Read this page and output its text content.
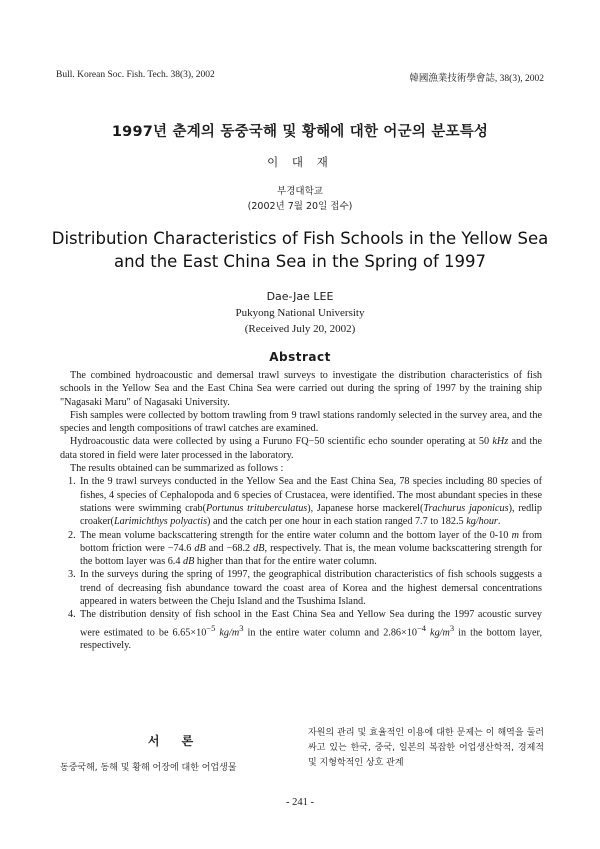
Bull. Korean Soc. Fish. Tech. 38(3), 2002	韓國漁業技術學會誌, 38(3), 2002
1997년 춘계의 동중국해 및 황해에 대한 어군의 분포특성
이 대 재
부경대학교
(2002년 7월 20일 접수)
Distribution Characteristics of Fish Schools in the Yellow Sea and the East China Sea in the Spring of 1997
Dae-Jae LEE
Pukyong National University
(Received July 20, 2002)
Abstract

The combined hydroacoustic and demersal trawl surveys to investigate the distribution characteristics of fish schools in the Yellow Sea and the East China Sea were carried out during the spring of 1997 by the training ship "Nagasaki Maru" of Nagasaki University.

Fish samples were collected by bottom trawling from 9 trawl stations randomly selected in the survey area, and the species and length compositions of trawl catches are examined.

Hydroacoustic data were collected by using a Furuno FQ−50 scientific echo sounder operating at 50 kHz and the data stored in field were later processed in the laboratory.

The results obtained can be summarized as follows :

1. In the 9 trawl surveys conducted in the Yellow Sea and the East China Sea, 78 species including 80 species of fishes, 4 species of Cephalopoda and 6 species of Crustacea, were identified. The most abundant species in these stations were swimming crab(Portunus trituberculatus), Japanese horse mackerel(Trachurus japonicus), redlip croaker(Larimichthys polyactis) and the catch per one hour in each station ranged 7.7 to 182.5 kg/hour.
2. The mean volume backscattering strength for the entire water column and the bottom layer of the 0-10 m from bottom friction were −74.6 dB and −68.2 dB, respectively. That is, the mean volume backscattering strength for the bottom layer was 6.4 dB higher than that for the entire water column.
3. In the surveys during the spring of 1997, the geographical distribution characteristics of fish schools suggests a trend of decreasing fish abundance toward the coast area of Korea and the highest demersal concentrations appeared in waters between the Cheju Island and the Tsushima Island.
4. The distribution density of fish school in the East China Sea and Yellow Sea during the 1997 acoustic survey were estimated to be $6.65\times 10^{-5}$ $kg/m^3$ in the entire water column and $2.86\times 10^{-4}$ $kg/m^3$ in the bottom layer, respectively.
서 론
동중국해, 동해 및 황해 어장에 대한 어업생물
자원의 관리 및 효율적인 이용에 대한 문제는 이 해역을 둘러싸고 있는 한국, 중국, 일본의 복잡한 어업생산학적, 경제적 및 지형학적인 상호 관계
- 241 -
